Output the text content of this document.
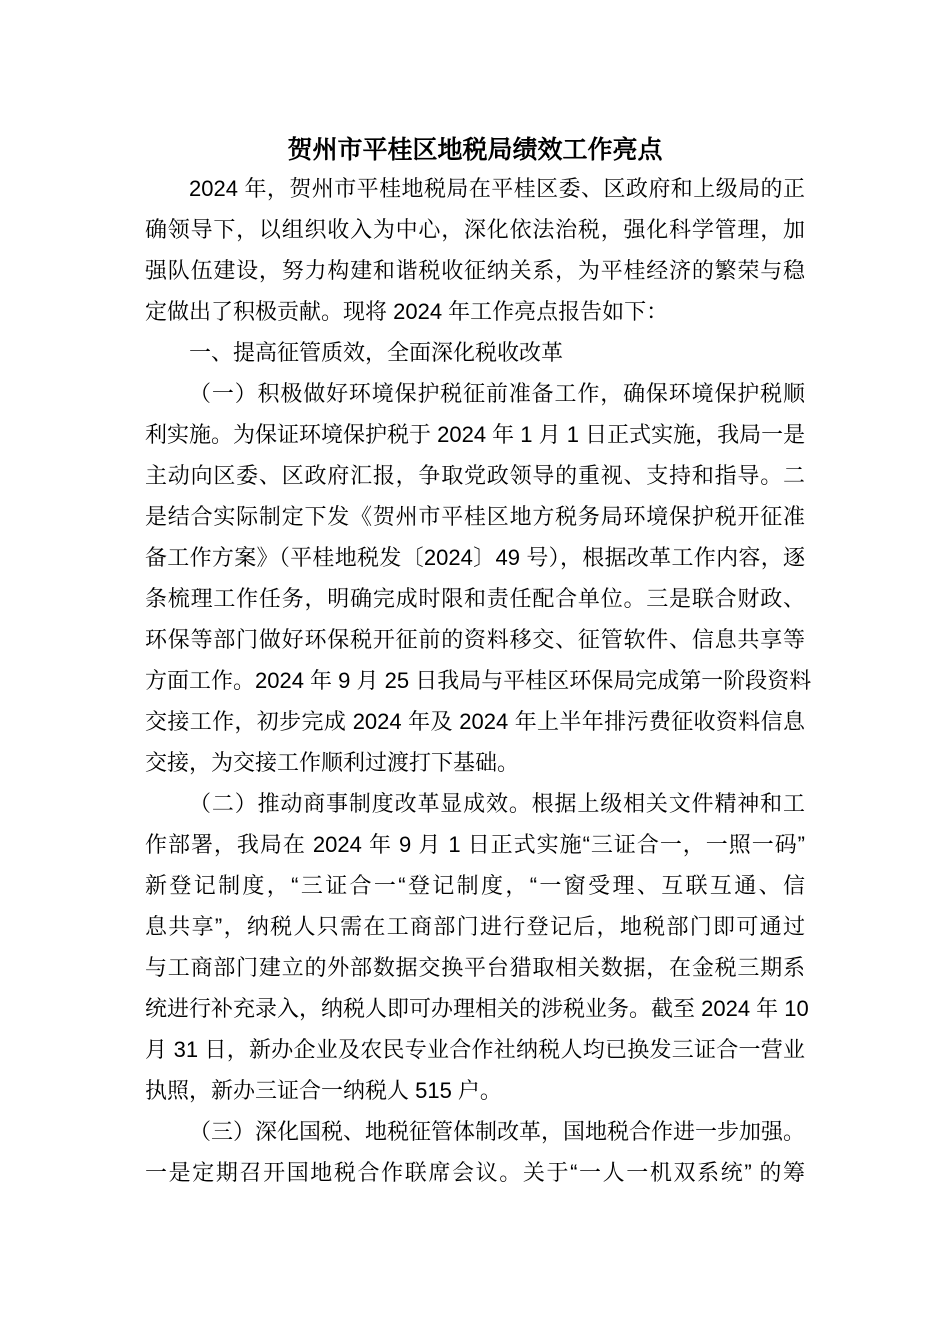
贺州市平桂区地税局绩效工作亮点
2024 年，贺州市平桂地税局在平桂区委、区政府和上级局的正
确领导下，以组织收入为中心，深化依法治税，强化科学管理，加
强队伍建设，努力构建和谐税收征纳关系，为平桂经济的繁荣与稳
定做出了积极贡献。现将 2024 年工作亮点报告如下：
一、提高征管质效，全面深化税收改革
（一）积极做好环境保护税征前准备工作，确保环境保护税顺
利实施。为保证环境保护税于 2024 年 1 月 1 日正式实施，我局一是
主动向区委、区政府汇报，争取党政领导的重视、支持和指导。二
是结合实际制定下发《贺州市平桂区地方税务局环境保护税开征准
备工作方案》（平桂地税发〔2024〕49 号），根据改革工作内容，逐
条梳理工作任务，明确完成时限和责任配合单位。三是联合财政、
环保等部门做好环保税开征前的资料移交、征管软件、信息共享等
方面工作。2024 年 9 月 25 日我局与平桂区环保局完成第一阶段资料
交接工作，初步完成 2024 年及 2024 年上半年排污费征收资料信息
交接，为交接工作顺利过渡打下基础。
（二）推动商事制度改革显成效。根据上级相关文件精神和工
作部署，我局在 2024 年 9 月 1 日正式实施“三证合一，一照一码”
新登记制度，“三证合一“登记制度，“一窗受理、互联互通、信
息共享”，纳税人只需在工商部门进行登记后，地税部门即可通过
与工商部门建立的外部数据交换平台猎取相关数据，在金税三期系
统进行补充录入，纳税人即可办理相关的涉税业务。截至 2024 年 10
月 31 日，新办企业及农民专业合作社纳税人均已换发三证合一营业
执照，新办三证合一纳税人 515 户。
（三）深化国税、地税征管体制改革，国地税合作进一步加强。
一是定期召开国地税合作联席会议。关于“一人一机双系统” 的筹
